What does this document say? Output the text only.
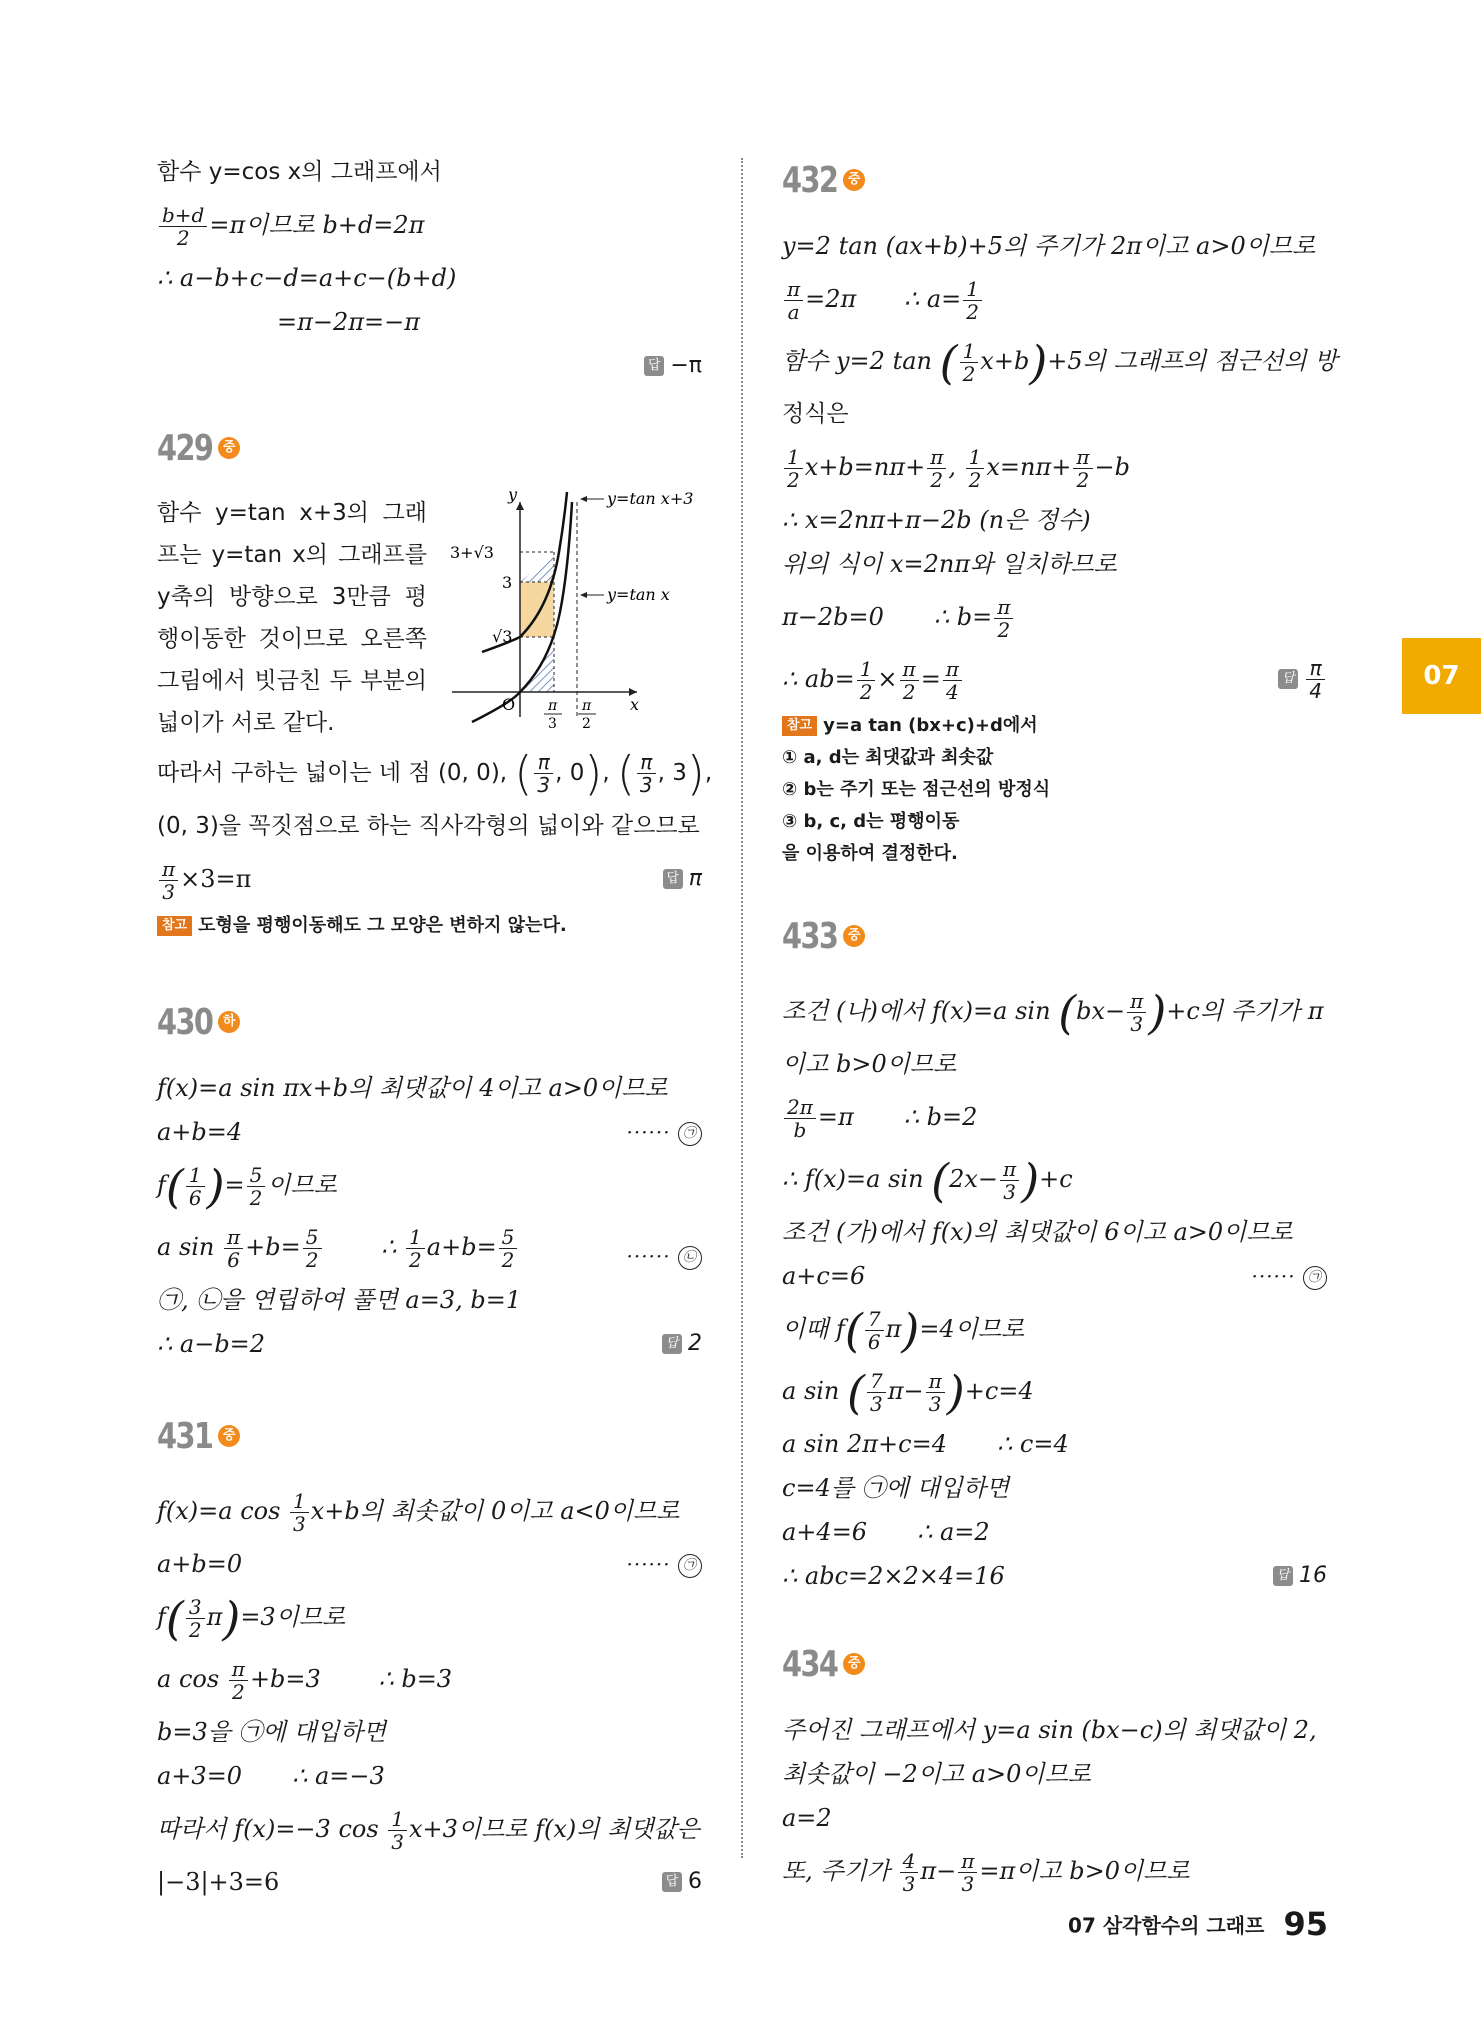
07
함수 y=cos x의 그래프에서
$\frac{b+d}{2} =\pi$이므로 b+d=2π
∴ a−b+c−d=a+c−(b+d)
=π−2π=−π
답 −π
429 중
함수 y=tan x+3의 그래프는 y=tan x의 그래프를 y축의 방향으로 3만큼 평행이동한 것이므로 오른쪽 그림에서 빗금친 두 부분의 넓이가 서로 같다.
y
x
O
3+√3
3
√3
y=tan x+3
y=tan x
π
3
π
2
따라서 구하는 넓이는 네 점 (0, 0), ( $\frac{\pi}{3}$ , 0), ( $\frac{\pi}{3}$ , 3),
(0, 3)을 꼭짓점으로 하는 직사각형의 넓이와 같으므로
$\frac{\pi}{3} \times 3=\pi$	답 π
참고 도형을 평행이동해도 그 모양은 변하지 않는다.
430 하
f(x)=a sin πx+b의 최댓값이 4이고 a>0이므로
a+b=4	······ ㉠
$f( \frac{1}{6}$ )= $\frac{5}{2}$ 이므로
a $\sin \frac{\pi}{6} +b= \frac{5}{2}$ ∴ $\frac{1}{2} a+b= \frac{5}{2}$	······ ㉡
㉠, ㉡을 연립하여 풀면 a=3, b=1
∴ a−b=2	답 2
431 중
f(x)=a $\cos \frac{1}{3} x+b$의 최솟값이 0이고 a<0이므로
a+b=0	······ ㉠
$f( \frac{3}{2} \pi)=3$이므로
a $\cos \frac{\pi}{2} +b=3$ ∴ b=3
b=3을 ㉠에 대입하면
a+3=0 ∴ a=−3
따라서 f(x)=−3 $\cos \frac{1}{3} x+3$이므로 f(x)의 최댓값은
|−3|+3=6	답 6
432 중
y=2 tan (ax+b)+5의 주기가 2π이고 a>0이므로
$\frac{\pi}{a} =2\pi$ ∴ $a= \frac{1}{2}$
함수 y=2 tan ( $\frac{1}{2} x+b)+5$의 그래프의 점근선의 방
정식은
$\frac{1}{2} x+b=n\pi+ \frac{\pi}{2}$ , $\frac{1}{2} x=n\pi+ \frac{\pi}{2} -b$
∴ x=2nπ+π−2b (n은 정수)
위의 식이 x=2nπ와 일치하므로
π−2b=0 ∴ $b= \frac{\pi}{2}$
∴ $ab= \frac{1}{2} \times \frac{\pi}{2} = \frac{\pi}{4}$	답 $\frac{\pi}{4}$
참고 y=a tan (bx+c)+d에서
① a, d는 최댓값과 최솟값
② b는 주기 또는 점근선의 방정식
③ b, c, d는 평행이동
을 이용하여 결정한다.
433 중
조건 (나)에서 f(x)=a $\sin (bx- \frac{\pi}{3} )+c$의 주기가 π
이고 b>0이므로
$\frac{2\pi}{b} =\pi$ ∴ b=2
∴ f(x)=a $\sin (2x- \frac{\pi}{3} )+c$
조건 (가)에서 f(x)의 최댓값이 6이고 a>0이므로
a+c=6	······ ㉠
이때 $f( \frac{7}{6} \pi)=4$이므로
a sin ( $\frac{7}{3} \pi- \frac{\pi}{3} )+c=4$
a sin 2π+c=4 ∴ c=4
c=4를 ㉠에 대입하면
a+4=6 ∴ a=2
∴ abc=2×2×4=16	답 16
434 중
주어진 그래프에서 y=a sin (bx−c)의 최댓값이 2,
최솟값이 −2이고 a>0이므로
a=2
또, 주기가 $\frac{4}{3} \pi- \frac{\pi}{3} =\pi$이고 b>0이므로
07 삼각함수의 그래프 95
